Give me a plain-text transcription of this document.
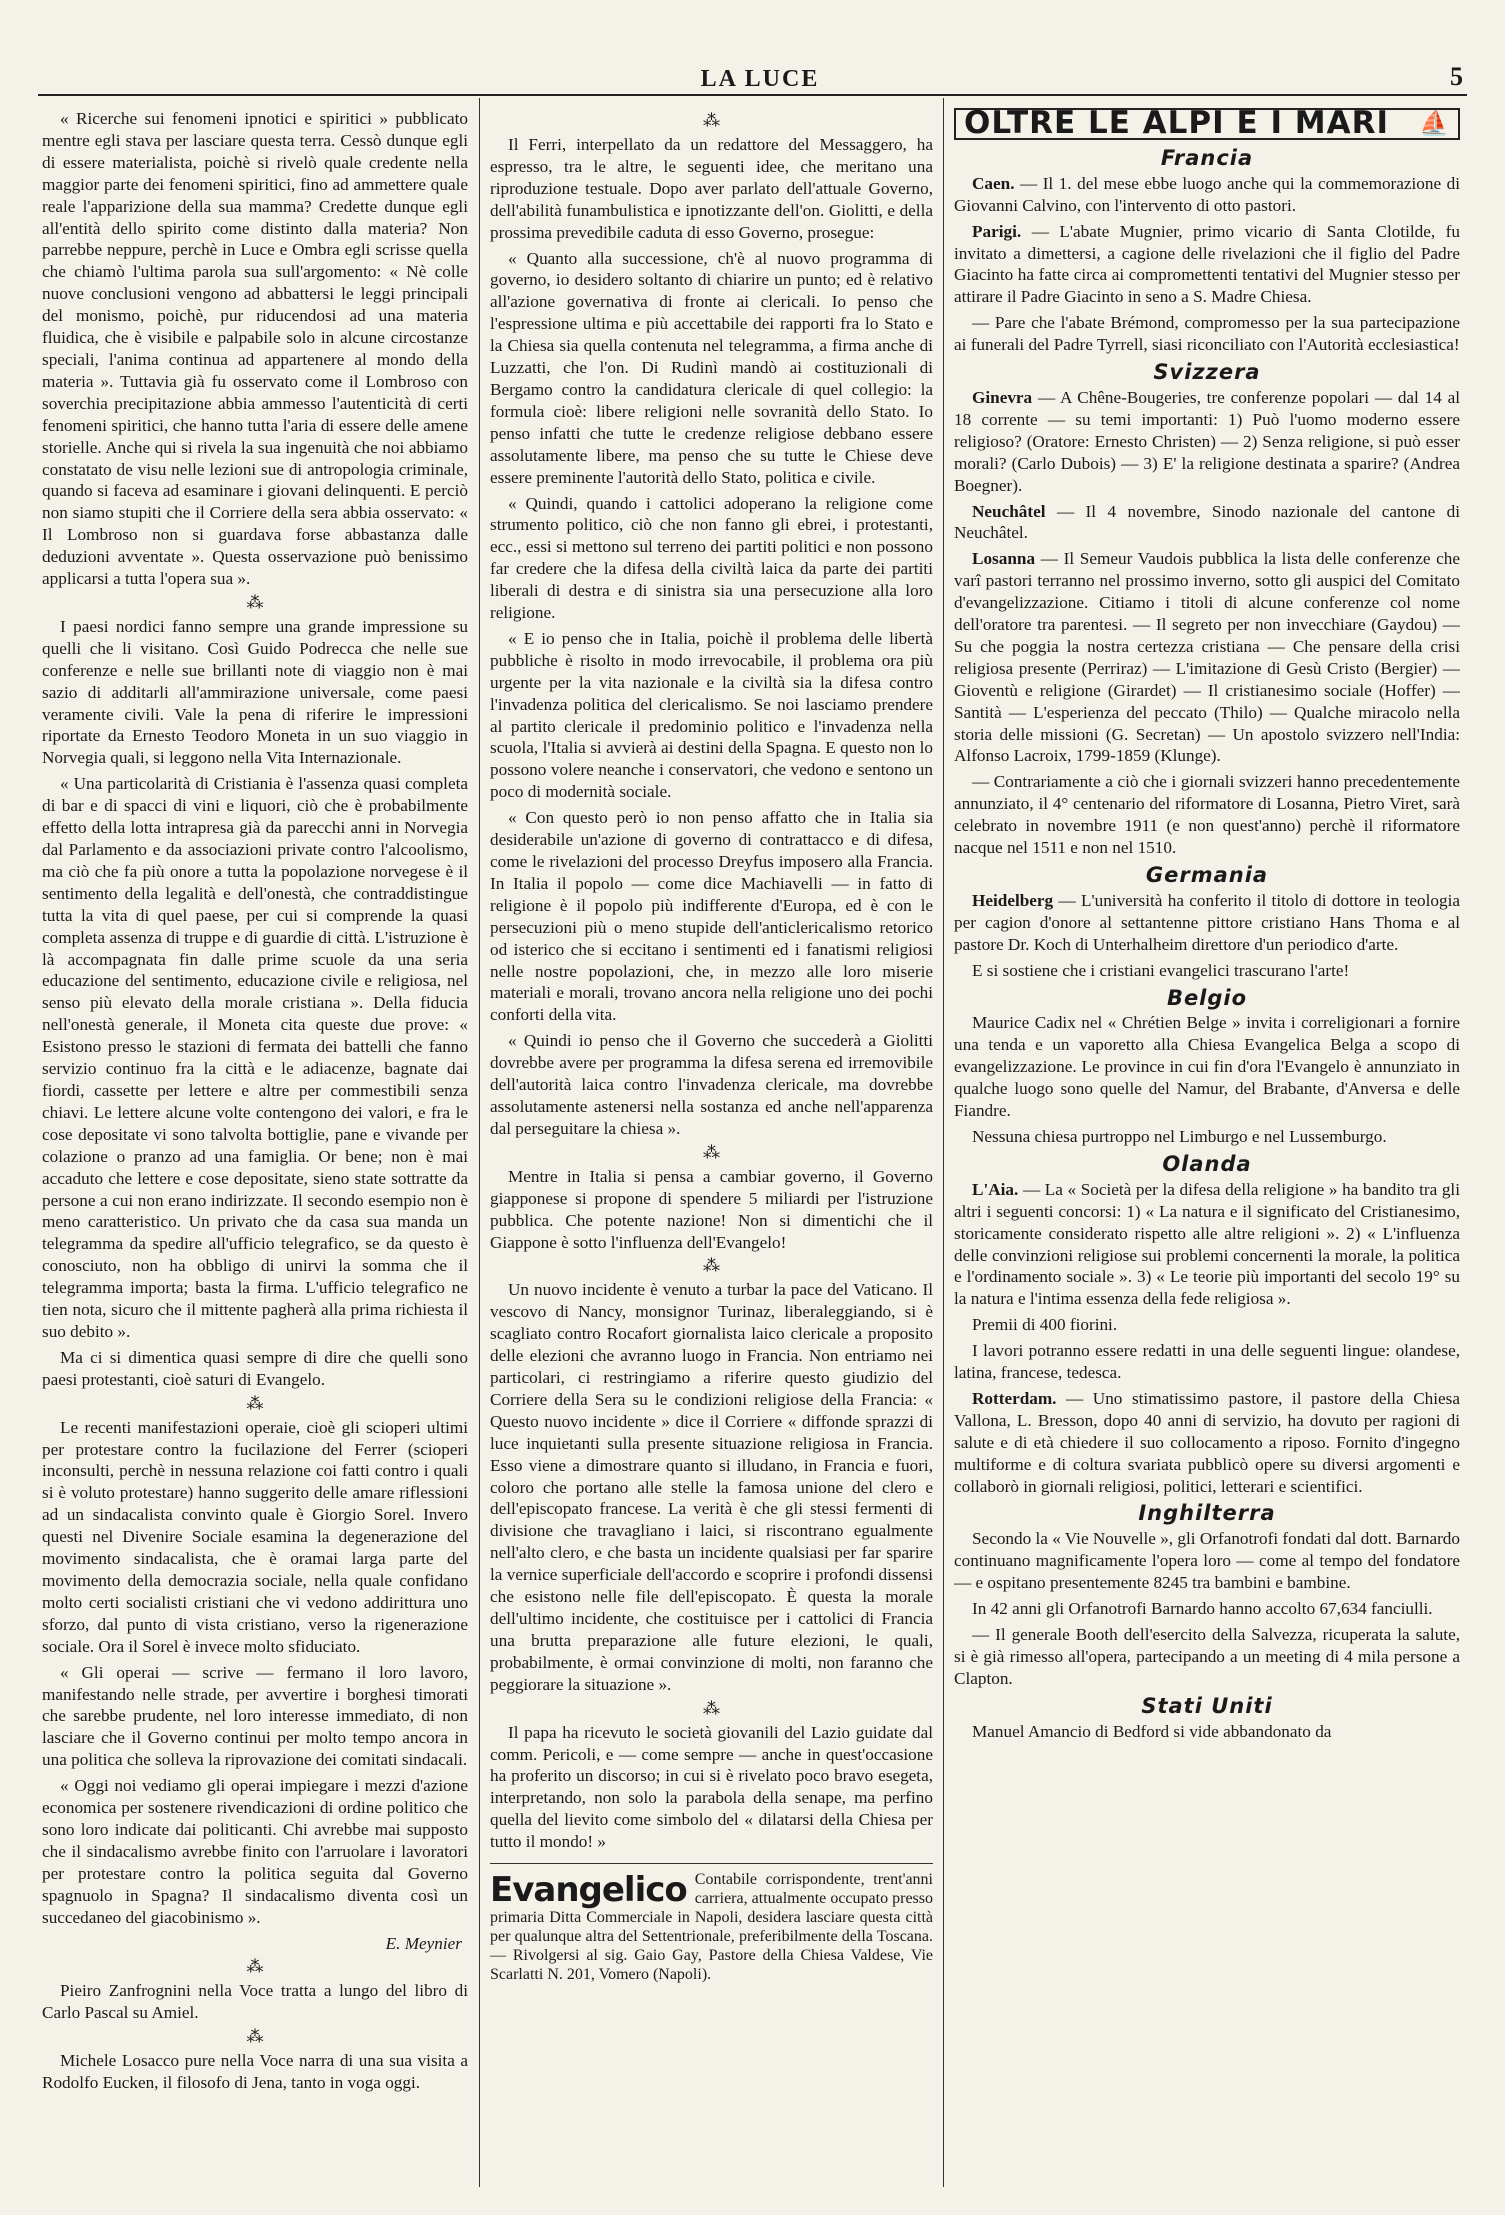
LA LUCE	5

« Ricerche sui fenomeni ipnotici e spiritici » pubblicato mentre egli stava per lasciare questa terra. Cessò dunque egli di essere materialista, poichè si rivelò quale credente nella maggior parte dei fenomeni spiritici, fino ad ammettere quale reale l'apparizione della sua mamma? Credette dunque egli all'entità dello spirito come distinto dalla materia? Non parrebbe neppure, perchè in Luce e Ombra egli scrisse quella che chiamò l'ultima parola sua sull'argomento: « Nè colle nuove conclusioni vengono ad abbattersi le leggi principali del monismo, poichè, pur riducendosi ad una materia fluidica, che è visibile e palpabile solo in alcune circostanze speciali, l'anima continua ad appartenere al mondo della materia ». Tuttavia già fu osservato come il Lombroso con soverchia precipitazione abbia ammesso l'autenticità di certi fenomeni spiritici, che hanno tutta l'aria di essere delle amene storielle. Anche qui si rivela la sua ingenuità che noi abbiamo constatato de visu nelle lezioni sue di antropologia criminale, quando si faceva ad esaminare i giovani delinquenti. E perciò non siamo stupiti che il Corriere della sera abbia osservato: « Il Lombroso non si guardava forse abbastanza dalle deduzioni avventate ». Questa osservazione può benissimo applicarsi a tutta l'opera sua ».

⁂

I paesi nordici fanno sempre una grande impressione su quelli che li visitano. Così Guido Podrecca che nelle sue conferenze e nelle sue brillanti note di viaggio non è mai sazio di additarli all'ammirazione universale, come paesi veramente civili. Vale la pena di riferire le impressioni riportate da Ernesto Teodoro Moneta in un suo viaggio in Norvegia quali, si leggono nella Vita Internazionale.

« Una particolarità di Cristiania è l'assenza quasi completa di bar e di spacci di vini e liquori, ciò che è probabilmente effetto della lotta intrapresa già da parecchi anni in Norvegia dal Parlamento e da associazioni private contro l'alcoolismo, ma ciò che fa più onore a tutta la popolazione norvegese è il sentimento della legalità e dell'onestà, che contraddistingue tutta la vita di quel paese, per cui si comprende la quasi completa assenza di truppe e di guardie di città. L'istruzione è là accompagnata fin dalle prime scuole da una seria educazione del sentimento, educazione civile e religiosa, nel senso più elevato della morale cristiana ». Della fiducia nell'onestà generale, il Moneta cita queste due prove: « Esistono presso le stazioni di fermata dei battelli che fanno servizio continuo fra la città e le adiacenze, bagnate dai fiordi, cassette per lettere e altre per commestibili senza chiavi. Le lettere alcune volte contengono dei valori, e fra le cose depositate vi sono talvolta bottiglie, pane e vivande per colazione o pranzo ad una famiglia. Or bene; non è mai accaduto che lettere e cose depositate, sieno state sottratte da persone a cui non erano indirizzate. Il secondo esempio non è meno caratteristico. Un privato che da casa sua manda un telegramma da spedire all'ufficio telegrafico, se da questo è conosciuto, non ha obbligo di unirvi la somma che il telegramma importa; basta la firma. L'ufficio telegrafico ne tien nota, sicuro che il mittente pagherà alla prima richiesta il suo debito ».

Ma ci si dimentica quasi sempre di dire che quelli sono paesi protestanti, cioè saturi di Evangelo.

⁂

Le recenti manifestazioni operaie, cioè gli scioperi ultimi per protestare contro la fucilazione del Ferrer (scioperi inconsulti, perchè in nessuna relazione coi fatti contro i quali si è voluto protestare) hanno suggerito delle amare riflessioni ad un sindacalista convinto quale è Giorgio Sorel. Invero questi nel Divenire Sociale esamina la degenerazione del movimento sindacalista, che è oramai larga parte del movimento della democrazia sociale, nella quale confidano molto certi socialisti cristiani che vi vedono addirittura uno sforzo, dal punto di vista cristiano, verso la rigenerazione sociale. Ora il Sorel è invece molto sfiduciato.

« Gli operai — scrive — fermano il loro lavoro, manifestando nelle strade, per avvertire i borghesi timorati che sarebbe prudente, nel loro interesse immediato, di non lasciare che il Governo continui per molto tempo ancora in una politica che solleva la riprovazione dei comitati sindacali.

« Oggi noi vediamo gli operai impiegare i mezzi d'azione economica per sostenere rivendicazioni di ordine politico che sono loro indicate dai politicanti. Chi avrebbe mai supposto che il sindacalismo avrebbe finito con l'arruolare i lavoratori per protestare contro la politica seguita dal Governo spagnuolo in Spagna? Il sindacalismo diventa così un succedaneo del giacobinismo ».

E. Meynier
⁂

Pieiro Zanfrognini nella Voce tratta a lungo del libro di Carlo Pascal su Amiel.

⁂

Michele Losacco pure nella Voce narra di una sua visita a Rodolfo Eucken, il filosofo di Jena, tanto in voga oggi.

⁂

Il Ferri, interpellato da un redattore del Messaggero, ha espresso, tra le altre, le seguenti idee, che meritano una riproduzione testuale. Dopo aver parlato dell'attuale Governo, dell'abilità funambulistica e ipnotizzante dell'on. Giolitti, e della prossima prevedibile caduta di esso Governo, prosegue:

« Quanto alla successione, ch'è al nuovo programma di governo, io desidero soltanto di chiarire un punto; ed è relativo all'azione governativa di fronte ai clericali. Io penso che l'espressione ultima e più accettabile dei rapporti fra lo Stato e la Chiesa sia quella contenuta nel telegramma, a firma anche di Luzzatti, che l'on. Di Rudinì mandò ai costituzionali di Bergamo contro la candidatura clericale di quel collegio: la formula cioè: libere religioni nelle sovranità dello Stato. Io penso infatti che tutte le credenze religiose debbano essere assolutamente libere, ma penso che su tutte le Chiese deve essere preminente l'autorità dello Stato, politica e civile.

« Quindi, quando i cattolici adoperano la religione come strumento politico, ciò che non fanno gli ebrei, i protestanti, ecc., essi si mettono sul terreno dei partiti politici e non possono far credere che la difesa della civiltà laica da parte dei partiti liberali di destra e di sinistra sia una persecuzione alla loro religione.

« E io penso che in Italia, poichè il problema delle libertà pubbliche è risolto in modo irrevocabile, il problema ora più urgente per la vita nazionale e la civiltà sia la difesa contro l'invadenza politica del clericalismo. Se noi lasciamo prendere al partito clericale il predominio politico e l'invadenza nella scuola, l'Italia si avvierà ai destini della Spagna. E questo non lo possono volere neanche i conservatori, che vedono e sentono un poco di modernità sociale.

« Con questo però io non penso affatto che in Italia sia desiderabile un'azione di governo di contrattacco e di difesa, come le rivelazioni del processo Dreyfus imposero alla Francia. In Italia il popolo — come dice Machiavelli — in fatto di religione è il popolo più indifferente d'Europa, ed è con le persecuzioni più o meno stupide dell'anticlericalismo retorico od isterico che si eccitano i sentimenti ed i fanatismi religiosi nelle nostre popolazioni, che, in mezzo alle loro miserie materiali e morali, trovano ancora nella religione uno dei pochi conforti della vita.

« Quindi io penso che il Governo che succederà a Giolitti dovrebbe avere per programma la difesa serena ed irremovibile dell'autorità laica contro l'invadenza clericale, ma dovrebbe assolutamente astenersi nella sostanza ed anche nell'apparenza dal perseguitare la chiesa ».

⁂

Mentre in Italia si pensa a cambiar governo, il Governo giapponese si propone di spendere 5 miliardi per l'istruzione pubblica. Che potente nazione! Non si dimentichi che il Giappone è sotto l'influenza dell'Evangelo!

⁂

Un nuovo incidente è venuto a turbar la pace del Vaticano. Il vescovo di Nancy, monsignor Turinaz, liberaleggiando, si è scagliato contro Rocafort giornalista laico clericale a proposito delle elezioni che avranno luogo in Francia. Non entriamo nei particolari, ci restringiamo a riferire questo giudizio del Corriere della Sera su le condizioni religiose della Francia: « Questo nuovo incidente » dice il Corriere « diffonde sprazzi di luce inquietanti sulla presente situazione religiosa in Francia. Esso viene a dimostrare quanto si illudano, in Francia e fuori, coloro che portano alle stelle la famosa unione del clero e dell'episcopato francese. La verità è che gli stessi fermenti di divisione che travagliano i laici, si riscontrano egualmente nell'alto clero, e che basta un incidente qualsiasi per far sparire la vernice superficiale dell'accordo e scoprire i profondi dissensi che esistono nelle file dell'episcopato. È questa la morale dell'ultimo incidente, che costituisce per i cattolici di Francia una brutta preparazione alle future elezioni, le quali, probabilmente, è ormai convinzione di molti, non faranno che peggiorare la situazione ».

⁂

Il papa ha ricevuto le società giovanili del Lazio guidate dal comm. Pericoli, e — come sempre — anche in quest'occasione ha proferito un discorso; in cui si è rivelato poco bravo esegeta, interpretando, non solo la parabola della senape, ma perfino quella del lievito come simbolo del « dilatarsi della Chiesa per tutto il mondo! »

Evangelico Contabile corrispondente, trent'anni carriera, attualmente occupato presso primaria Ditta Commerciale in Napoli, desidera lasciare questa città per qualunque altra del Settentrionale, preferibilmente della Toscana. — Rivolgersi al sig. Gaio Gay, Pastore della Chiesa Valdese, Vie Scarlatti N. 201, Vomero (Napoli).
OLTRE LE ALPI E I MARI ⛵
Francia

Caen. — Il 1. del mese ebbe luogo anche qui la commemorazione di Giovanni Calvino, con l'intervento di otto pastori.

Parigi. — L'abate Mugnier, primo vicario di Santa Clotilde, fu invitato a dimettersi, a cagione delle rivelazioni che il figlio del Padre Giacinto ha fatte circa ai compromettenti tentativi del Mugnier stesso per attirare il Padre Giacinto in seno a S. Madre Chiesa.

— Pare che l'abate Brémond, compromesso per la sua partecipazione ai funerali del Padre Tyrrell, siasi riconciliato con l'Autorità ecclesiastica!

Svizzera

Ginevra — A Chêne-Bougeries, tre conferenze popolari — dal 14 al 18 corrente — su temi importanti: 1) Può l'uomo moderno essere religioso? (Oratore: Ernesto Christen) — 2) Senza religione, si può esser morali? (Carlo Dubois) — 3) E' la religione destinata a sparire? (Andrea Boegner).

Neuchâtel — Il 4 novembre, Sinodo nazionale del cantone di Neuchâtel.

Losanna — Il Semeur Vaudois pubblica la lista delle conferenze che varî pastori terranno nel prossimo inverno, sotto gli auspici del Comitato d'evangelizzazione. Citiamo i titoli di alcune conferenze col nome dell'oratore tra parentesi. — Il segreto per non invecchiare (Gaydou) — Su che poggia la nostra certezza cristiana — Che pensare della crisi religiosa presente (Perriraz) — L'imitazione di Gesù Cristo (Bergier) — Gioventù e religione (Girardet) — Il cristianesimo sociale (Hoffer) — Santità — L'esperienza del peccato (Thilo) — Qualche miracolo nella storia delle missioni (G. Secretan) — Un apostolo svizzero nell'India: Alfonso Lacroix, 1799-1859 (Klunge).

— Contrariamente a ciò che i giornali svizzeri hanno precedentemente annunziato, il 4° centenario del riformatore di Losanna, Pietro Viret, sarà celebrato in novembre 1911 (e non quest'anno) perchè il riformatore nacque nel 1511 e non nel 1510.

Germania

Heidelberg — L'università ha conferito il titolo di dottore in teologia per cagion d'onore al settantenne pittore cristiano Hans Thoma e al pastore Dr. Koch di Unterhalheim direttore d'un periodico d'arte.

E si sostiene che i cristiani evangelici trascurano l'arte!

Belgio

Maurice Cadix nel « Chrétien Belge » invita i correligionari a fornire una tenda e un vaporetto alla Chiesa Evangelica Belga a scopo di evangelizzazione. Le province in cui fin d'ora l'Evangelo è annunziato in qualche luogo sono quelle del Namur, del Brabante, d'Anversa e delle Fiandre.

Nessuna chiesa purtroppo nel Limburgo e nel Lussemburgo.

Olanda

L'Aia. — La « Società per la difesa della religione » ha bandito tra gli altri i seguenti concorsi: 1) « La natura e il significato del Cristianesimo, storicamente considerato rispetto alle altre religioni ». 2) « L'influenza delle convinzioni religiose sui problemi concernenti la morale, la politica e l'ordinamento sociale ». 3) « Le teorie più importanti del secolo 19° su la natura e l'intima essenza della fede religiosa ».

Premii di 400 fiorini.

I lavori potranno essere redatti in una delle seguenti lingue: olandese, latina, francese, tedesca.

Rotterdam. — Uno stimatissimo pastore, il pastore della Chiesa Vallona, L. Bresson, dopo 40 anni di servizio, ha dovuto per ragioni di salute e di età chiedere il suo collocamento a riposo. Fornito d'ingegno multiforme e di coltura svariata pubblicò opere su diversi argomenti e collaborò in giornali religiosi, politici, letterari e scientifici.

Inghilterra

Secondo la « Vie Nouvelle », gli Orfanotrofi fondati dal dott. Barnardo continuano magnificamente l'opera loro — come al tempo del fondatore — e ospitano presentemente 8245 tra bambini e bambine.

In 42 anni gli Orfanotrofi Barnardo hanno accolto 67,634 fanciulli.

— Il generale Booth dell'esercito della Salvezza, ricuperata la salute, si è già rimesso all'opera, partecipando a un meeting di 4 mila persone a Clapton.

Stati Uniti

Manuel Amancio di Bedford si vide abbandonato da
